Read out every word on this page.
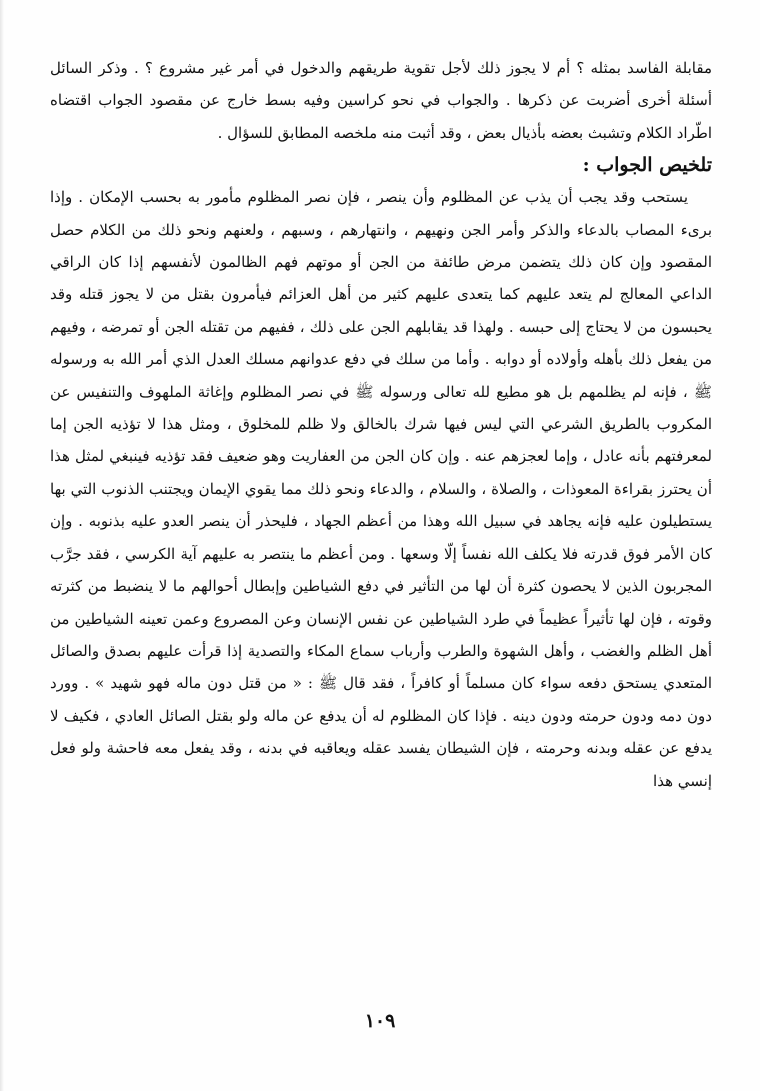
مقابلة الفاسد بمثله ؟ أم لا يجوز ذلك لأجل تقوية طريقهم والدخول في أمر غير مشروع ؟ . وذكر السائل أسئلة أخرى أضربت عن ذكرها . والجواب في نحو كراسين وفيه بسط خارج عن مقصود الجواب اقتضاه اطّراد الكلام وتشبث بعضه بأذيال بعض ، وقد أثبت منه ملخصه المطابق للسؤال .

تلخيص الجواب :

يستحب وقد يجب أن يذب عن المظلوم وأن ينصر ، فإن نصر المظلوم مأمور به بحسب الإمكان . وإذا برىء المصاب بالدعاء والذكر وأمر الجن ونهيهم ، وانتهارهم ، وسبهم ، ولعنهم ونحو ذلك من الكلام حصل المقصود وإن كان ذلك يتضمن مرض طائفة من الجن أو موتهم فهم الظالمون لأنفسهم إذا كان الراقي الداعي المعالج لم يتعد عليهم كما يتعدى عليهم كثير من أهل العزائم فيأمرون بقتل من لا يجوز قتله وقد يحبسون من لا يحتاج إلى حبسه . ولهذا قد يقابلهم الجن على ذلك ، ففيهم من تقتله الجن أو تمرضه ، وفيهم من يفعل ذلك بأهله وأولاده أو دوابه . وأما من سلك في دفع عدوانهم مسلك العدل الذي أمر الله به ورسوله ﷺ ، فإنه لم يظلمهم بل هو مطيع لله تعالى ورسوله ﷺ في نصر المظلوم وإغاثة الملهوف والتنفيس عن المكروب بالطريق الشرعي التي ليس فيها شرك بالخالق ولا ظلم للمخلوق ، ومثل هذا لا تؤذيه الجن إما لمعرفتهم بأنه عادل ، وإما لعجزهم عنه . وإن كان الجن من العفاريت وهو ضعيف فقد تؤذيه فينبغي لمثل هذا أن يحترز بقراءة المعوذات ، والصلاة ، والسلام ، والدعاء ونحو ذلك مما يقوي الإيمان ويجتنب الذنوب التي بها يستطيلون عليه فإنه يجاهد في سبيل الله وهذا من أعظم الجهاد ، فليحذر أن ينصر العدو عليه بذنوبه . وإن كان الأمر فوق قدرته فلا يكلف الله نفساً إلّا وسعها . ومن أعظم ما ينتصر به عليهم آية الكرسي ، فقد جرَّب المجربون الذين لا يحصون كثرة أن لها من التأثير في دفع الشياطين وإبطال أحوالهم ما لا ينضبط من كثرته وقوته ، فإن لها تأثيراً عظيماً في طرد الشياطين عن نفس الإنسان وعن المصروع وعمن تعينه الشياطين من أهل الظلم والغضب ، وأهل الشهوة والطرب وأرباب سماع المكاء والتصدية إذا قرأت عليهم بصدق والصائل المتعدي يستحق دفعه سواء كان مسلماً أو كافراً ، فقد قال ﷺ : « من قتل دون ماله فهو شهيد » . وورد دون دمه ودون حرمته ودون دينه . فإذا كان المظلوم له أن يدفع عن ماله ولو بقتل الصائل العادي ، فكيف لا يدفع عن عقله وبدنه وحرمته ، فإن الشيطان يفسد عقله ويعاقبه في بدنه ، وقد يفعل معه فاحشة ولو فعل إنسي هذا

١٠٩
